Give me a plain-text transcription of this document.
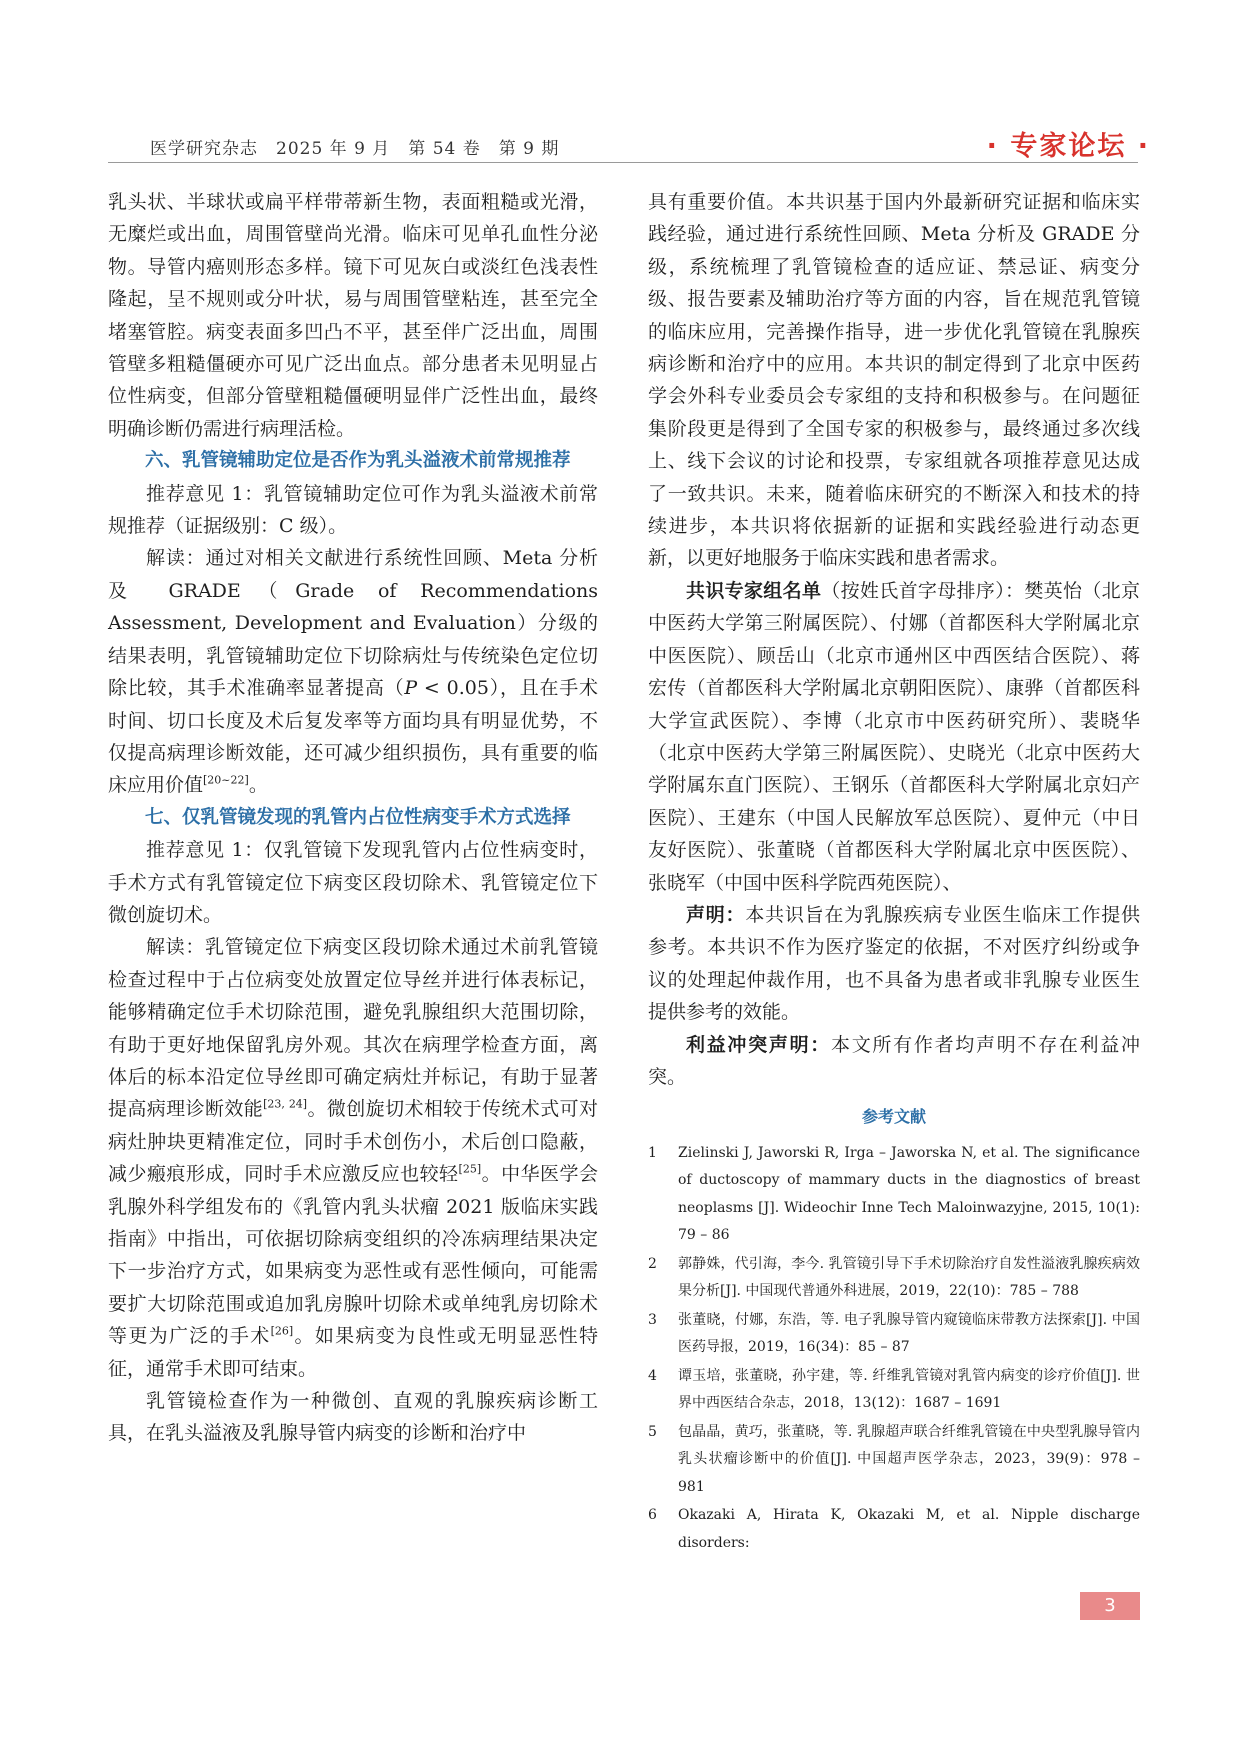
医学研究杂志　2025 年 9 月　第 54 卷　第 9 期	· 专家论坛 ·

乳头状、半球状或扁平样带蒂新生物，表面粗糙或光滑，无糜烂或出血，周围管壁尚光滑。临床可见单孔血性分泌物。导管内癌则形态多样。镜下可见灰白或淡红色浅表性隆起，呈不规则或分叶状，易与周围管壁粘连，甚至完全堵塞管腔。病变表面多凹凸不平，甚至伴广泛出血，周围管壁多粗糙僵硬亦可见广泛出血点。部分患者未见明显占位性病变，但部分管壁粗糙僵硬明显伴广泛性出血，最终明确诊断仍需进行病理活检。

六、乳管镜辅助定位是否作为乳头溢液术前常规推荐

推荐意见 1：乳管镜辅助定位可作为乳头溢液术前常规推荐（证据级别：C 级）。

解读：通过对相关文献进行系统性回顾、Meta 分析及 GRADE（Grade of Recommendations Assessment, Development and Evaluation）分级的结果表明，乳管镜辅助定位下切除病灶与传统染色定位切除比较，其手术准确率显著提高（P < 0.05），且在手术时间、切口长度及术后复发率等方面均具有明显优势，不仅提高病理诊断效能，还可减少组织损伤，具有重要的临床应用价值[20~22]。

七、仅乳管镜发现的乳管内占位性病变手术方式选择

推荐意见 1：仅乳管镜下发现乳管内占位性病变时，手术方式有乳管镜定位下病变区段切除术、乳管镜定位下微创旋切术。

解读：乳管镜定位下病变区段切除术通过术前乳管镜检查过程中于占位病变处放置定位导丝并进行体表标记，能够精确定位手术切除范围，避免乳腺组织大范围切除，有助于更好地保留乳房外观。其次在病理学检查方面，离体后的标本沿定位导丝即可确定病灶并标记，有助于显著提高病理诊断效能[23, 24]。微创旋切术相较于传统术式可对病灶肿块更精准定位，同时手术创伤小，术后创口隐蔽，减少瘢痕形成，同时手术应激反应也较轻[25]。中华医学会乳腺外科学组发布的《乳管内乳头状瘤 2021 版临床实践指南》中指出，可依据切除病变组织的冷冻病理结果决定下一步治疗方式，如果病变为恶性或有恶性倾向，可能需要扩大切除范围或追加乳房腺叶切除术或单纯乳房切除术等更为广泛的手术[26]。如果病变为良性或无明显恶性特征，通常手术即可结束。

乳管镜检查作为一种微创、直观的乳腺疾病诊断工具，在乳头溢液及乳腺导管内病变的诊断和治疗中

具有重要价值。本共识基于国内外最新研究证据和临床实践经验，通过进行系统性回顾、Meta 分析及 GRADE 分级，系统梳理了乳管镜检查的适应证、禁忌证、病变分级、报告要素及辅助治疗等方面的内容，旨在规范乳管镜的临床应用，完善操作指导，进一步优化乳管镜在乳腺疾病诊断和治疗中的应用。本共识的制定得到了北京中医药学会外科专业委员会专家组的支持和积极参与。在问题征集阶段更是得到了全国专家的积极参与，最终通过多次线上、线下会议的讨论和投票，专家组就各项推荐意见达成了一致共识。未来，随着临床研究的不断深入和技术的持续进步，本共识将依据新的证据和实践经验进行动态更新，以更好地服务于临床实践和患者需求。

共识专家组名单（按姓氏首字母排序）：樊英怡（北京中医药大学第三附属医院）、付娜（首都医科大学附属北京中医医院）、顾岳山（北京市通州区中西医结合医院）、蒋宏传（首都医科大学附属北京朝阳医院）、康骅（首都医科大学宣武医院）、李博（北京市中医药研究所）、裴晓华（北京中医药大学第三附属医院）、史晓光（北京中医药大学附属东直门医院）、王钢乐（首都医科大学附属北京妇产医院）、王建东（中国人民解放军总医院）、夏仲元（中日友好医院）、张董晓（首都医科大学附属北京中医医院）、张晓军（中国中医科学院西苑医院）、

声明：本共识旨在为乳腺疾病专业医生临床工作提供参考。本共识不作为医疗鉴定的依据，不对医疗纠纷或争议的处理起仲裁作用，也不具备为患者或非乳腺专业医生提供参考的效能。

利益冲突声明：本文所有作者均声明不存在利益冲突。

参考文献
1	Zielinski J, Jaworski R, Irga – Jaworska N, et al. The significance of ductoscopy of mammary ducts in the diagnostics of breast neoplasms [J]. Wideochir Inne Tech Maloinwazyjne, 2015, 10(1): 79 – 86
2	郭静姝，代引海，李今. 乳管镜引导下手术切除治疗自发性溢液乳腺疾病效果分析[J]. 中国现代普通外科进展，2019，22(10)：785 – 788
3	张董晓，付娜，东浩，等. 电子乳腺导管内窥镜临床带教方法探索[J]. 中国医药导报，2019，16(34)：85 – 87
4	谭玉培，张董晓，孙宇建，等. 纤维乳管镜对乳管内病变的诊疗价值[J]. 世界中西医结合杂志，2018，13(12)：1687 – 1691
5	包晶晶，黄巧，张董晓，等. 乳腺超声联合纤维乳管镜在中央型乳腺导管内乳头状瘤诊断中的价值[J]. 中国超声医学杂志，2023，39(9)：978 – 981
6	Okazaki A, Hirata K, Okazaki M, et al. Nipple discharge disorders:
3
